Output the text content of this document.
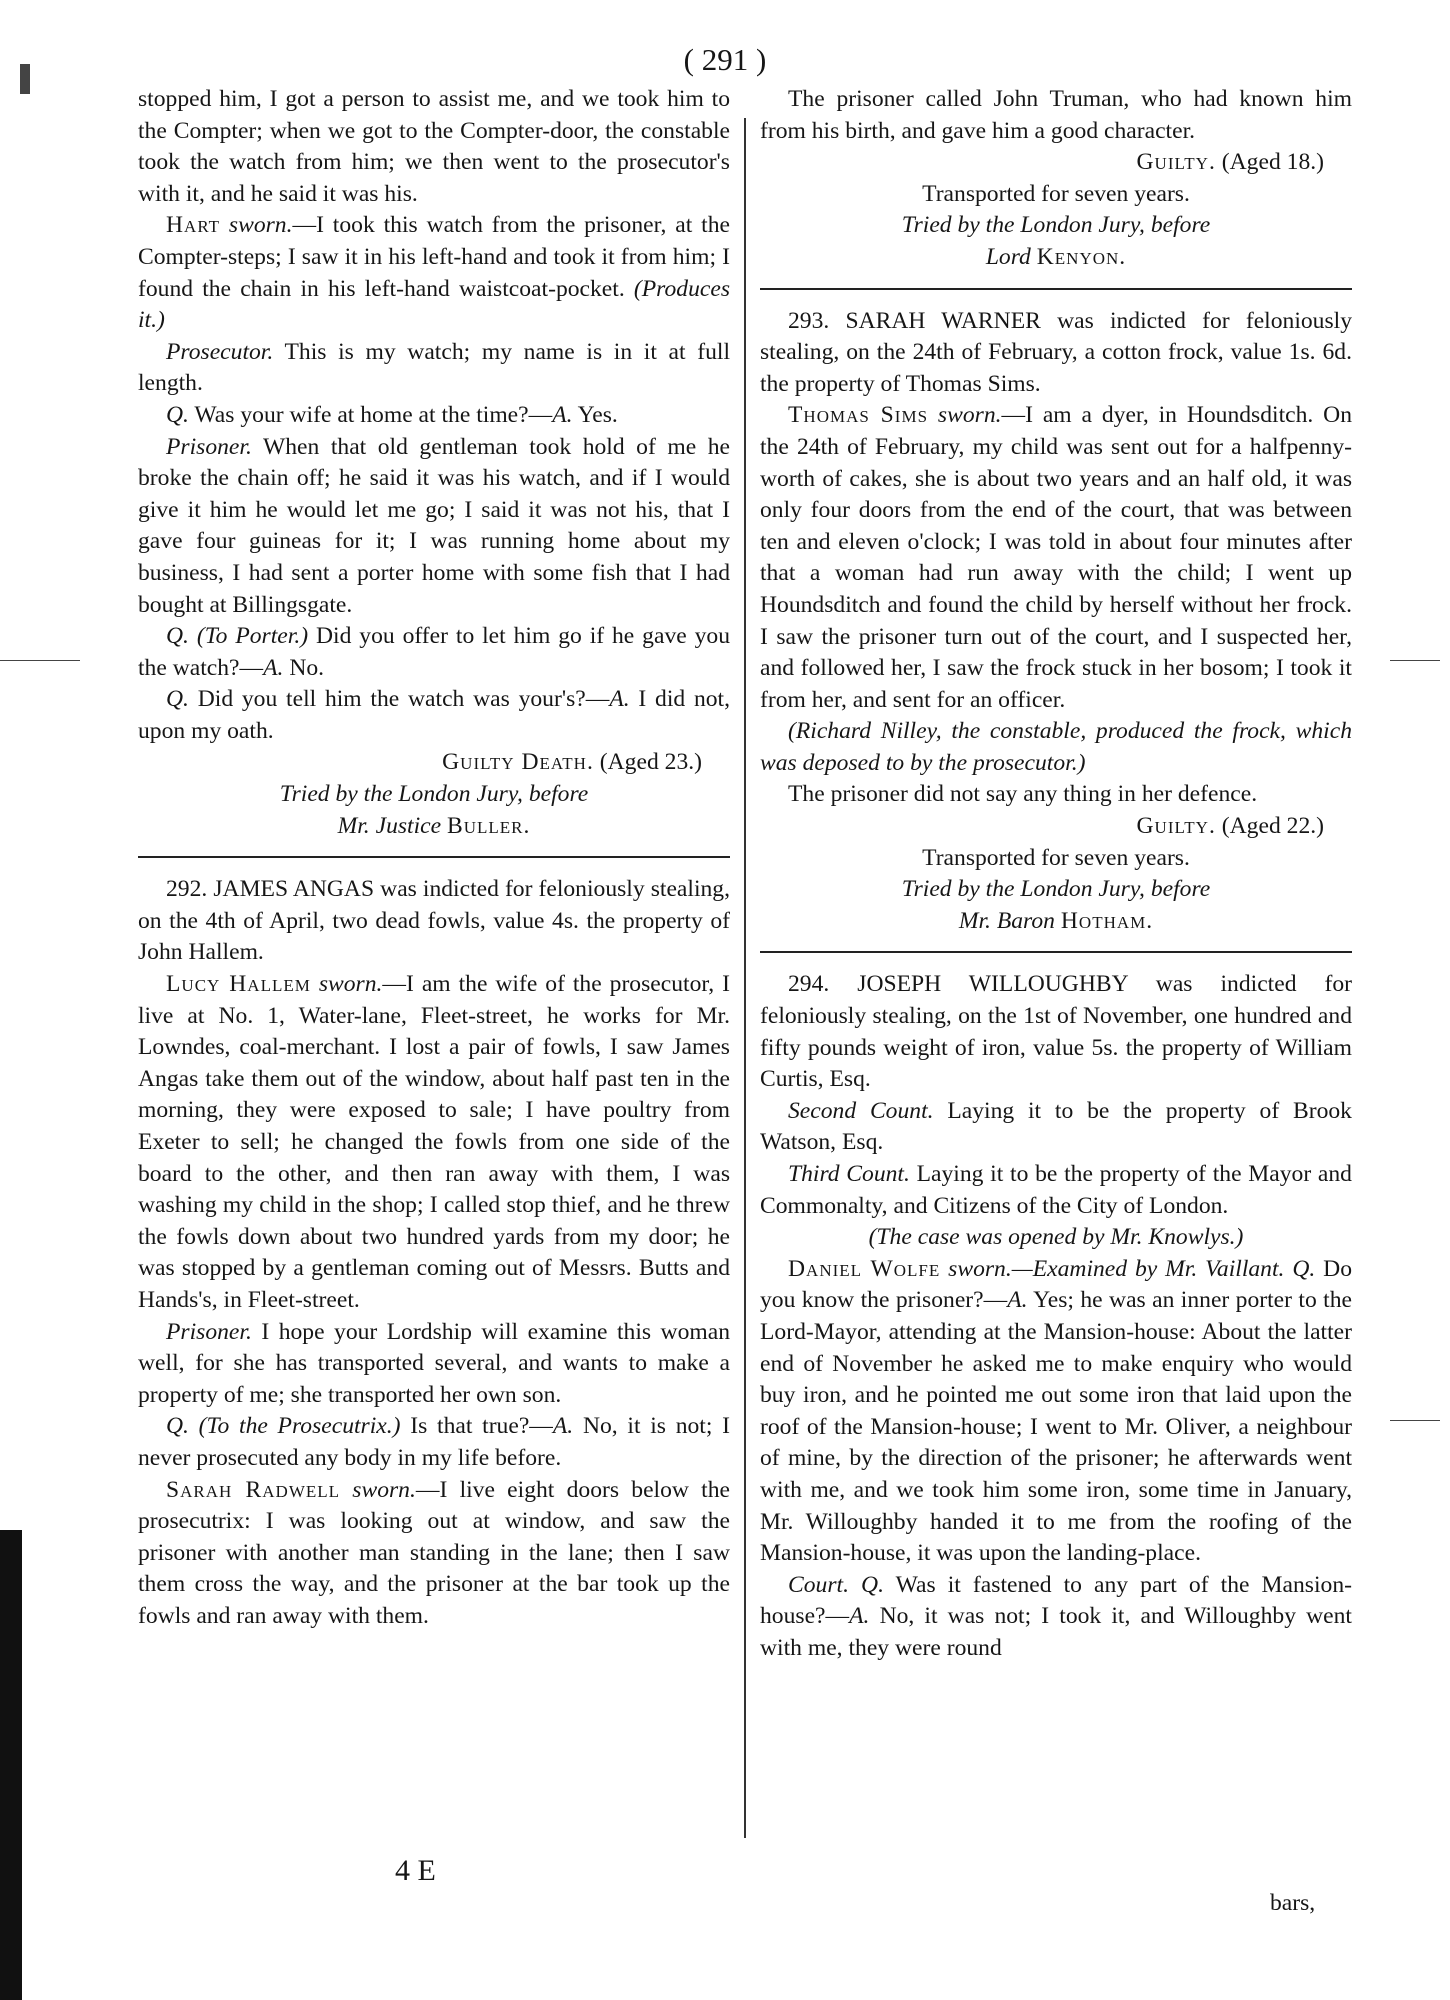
( 291 )

stopped him, I got a person to assist me, and we took him to the Compter; when we got to the Compter-door, the constable took the watch from him; we then went to the prosecutor's with it, and he said it was his.

Hart sworn.—I took this watch from the prisoner, at the Compter-steps; I saw it in his left-hand and took it from him; I found the chain in his left-hand waistcoat-pocket. (Produces it.)

Prosecutor. This is my watch; my name is in it at full length.

Q. Was your wife at home at the time?—A. Yes.

Prisoner. When that old gentleman took hold of me he broke the chain off; he said it was his watch, and if I would give it him he would let me go; I said it was not his, that I gave four guineas for it; I was running home about my business, I had sent a porter home with some fish that I had bought at Billingsgate.

Q. (To Porter.) Did you offer to let him go if he gave you the watch?—A. No.

Q. Did you tell him the watch was your's?—A. I did not, upon my oath.

Guilty Death. (Aged 23.)

Tried by the London Jury, before

Mr. Justice Buller.

292. JAMES ANGAS was indicted for feloniously stealing, on the 4th of April, two dead fowls, value 4s. the property of John Hallem.

Lucy Hallem sworn.—I am the wife of the prosecutor, I live at No. 1, Water-lane, Fleet-street, he works for Mr. Lowndes, coal-merchant. I lost a pair of fowls, I saw James Angas take them out of the window, about half past ten in the morning, they were exposed to sale; I have poultry from Exeter to sell; he changed the fowls from one side of the board to the other, and then ran away with them, I was washing my child in the shop; I called stop thief, and he threw the fowls down about two hundred yards from my door; he was stopped by a gentleman coming out of Messrs. Butts and Hands's, in Fleet-street.

Prisoner. I hope your Lordship will examine this woman well, for she has transported several, and wants to make a property of me; she transported her own son.

Q. (To the Prosecutrix.) Is that true?—A. No, it is not; I never prosecuted any body in my life before.

Sarah Radwell sworn.—I live eight doors below the prosecutrix: I was looking out at window, and saw the prisoner with another man standing in the lane; then I saw them cross the way, and the prisoner at the bar took up the fowls and ran away with them.

The prisoner called John Truman, who had known him from his birth, and gave him a good character.

Guilty. (Aged 18.)

Transported for seven years.

Tried by the London Jury, before

Lord Kenyon.

293. SARAH WARNER was indicted for feloniously stealing, on the 24th of February, a cotton frock, value 1s. 6d. the property of Thomas Sims.

Thomas Sims sworn.—I am a dyer, in Houndsditch. On the 24th of February, my child was sent out for a halfpenny-worth of cakes, she is about two years and an half old, it was only four doors from the end of the court, that was between ten and eleven o'clock; I was told in about four minutes after that a woman had run away with the child; I went up Houndsditch and found the child by herself without her frock. I saw the prisoner turn out of the court, and I suspected her, and followed her, I saw the frock stuck in her bosom; I took it from her, and sent for an officer.

(Richard Nilley, the constable, produced the frock, which was deposed to by the prosecutor.)

The prisoner did not say any thing in her defence.

Guilty. (Aged 22.)

Transported for seven years.

Tried by the London Jury, before

Mr. Baron Hotham.

294. JOSEPH WILLOUGHBY was indicted for feloniously stealing, on the 1st of November, one hundred and fifty pounds weight of iron, value 5s. the property of William Curtis, Esq.

Second Count. Laying it to be the property of Brook Watson, Esq.

Third Count. Laying it to be the property of the Mayor and Commonalty, and Citizens of the City of London.

(The case was opened by Mr. Knowlys.)

Daniel Wolfe sworn.—Examined by Mr. Vaillant. Q. Do you know the prisoner?—A. Yes; he was an inner porter to the Lord-Mayor, attending at the Mansion-house: About the latter end of November he asked me to make enquiry who would buy iron, and he pointed me out some iron that laid upon the roof of the Mansion-house; I went to Mr. Oliver, a neighbour of mine, by the direction of the prisoner; he afterwards went with me, and we took him some iron, some time in January, Mr. Willoughby handed it to me from the roofing of the Mansion-house, it was upon the landing-place.

Court. Q. Was it fastened to any part of the Mansion-house?—A. No, it was not; I took it, and Willoughby went with me, they were round

4 E
bars,
